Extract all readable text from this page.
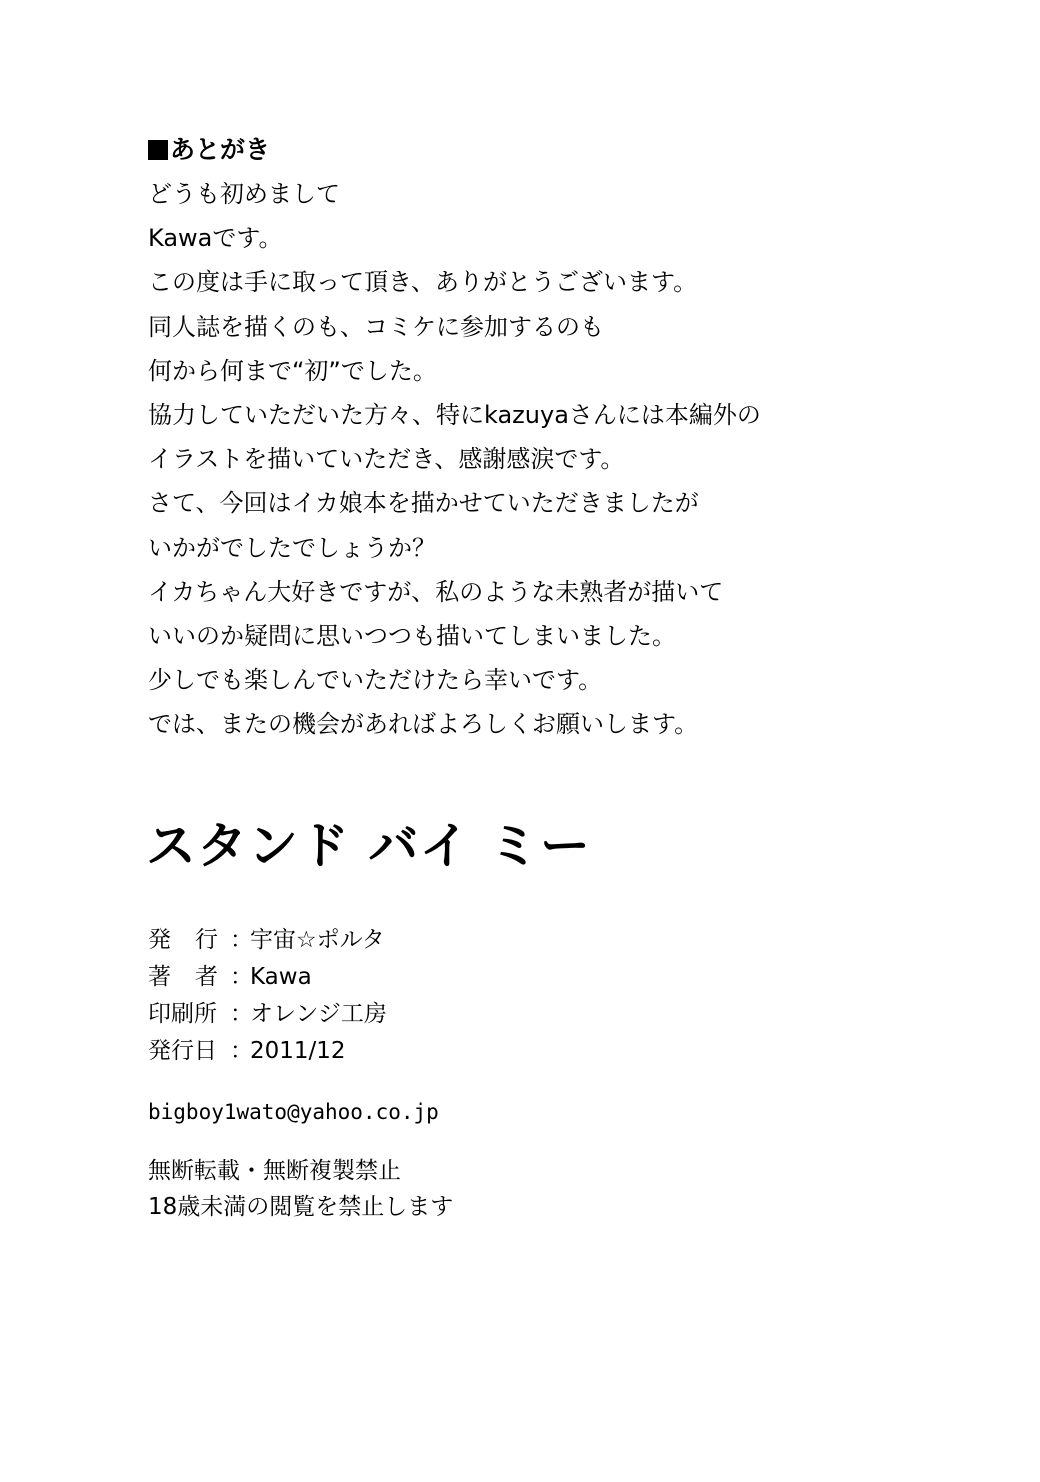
あとがき
どうも初めまして
Kawaです。
この度は手に取って頂き、ありがとうございます。
同人誌を描くのも、コミケに参加するのも
何から何まで“初”でした。
協力していただいた方々、特にkazuyaさんには本編外の
イラストを描いていただき、感謝感涙です。
さて、今回はイカ娘本を描かせていただきましたが
いかがでしたでしょうか？
イカちゃん大好きですが、私のような未熟者が描いて
いいのか疑問に思いつつも描いてしまいました。
少しでも楽しんでいただけたら幸いです。
では、またの機会があればよろしくお願いします。
スタンド バイ ミー
発 行 ：
宇宙☆ポルタ
著 者 ：
Kawa
印刷所 ：
オレンジ工房
発行日 ：
2011/12
bigboy1wato@yahoo.co.jp
無断転載・無断複製禁止
18歳未満の閲覧を禁止します
